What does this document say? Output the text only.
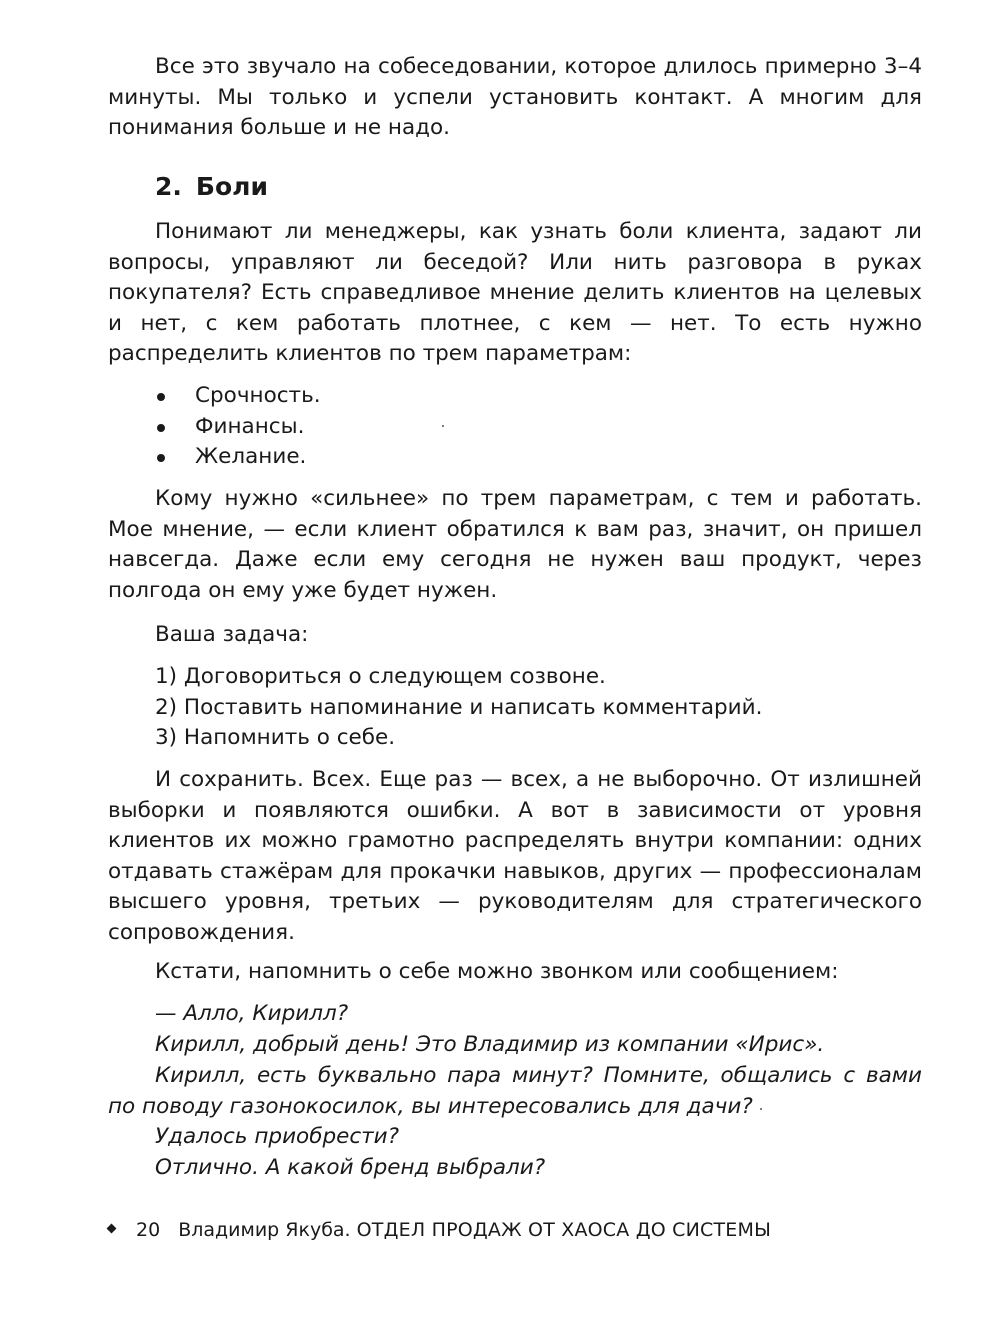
Все это звучало на собеседовании, которое длилось примерно 3–4 минуты. Мы только и успели установить контакт. А многим для понимания больше и не надо.

2. Боли

Понимают ли менеджеры, как узнать боли клиента, задают ли вопросы, управляют ли беседой? Или нить разговора в руках покупателя? Есть справедливое мнение делить клиентов на целевых и нет, с кем работать плотнее, с кем — нет. То есть нужно распределить клиентов по трем параметрам:

Срочность.
Финансы.
Желание.

Кому нужно «сильнее» по трем параметрам, с тем и работать. Мое мнение, — если клиент обратился к вам раз, значит, он пришел навсегда. Даже если ему сегодня не нужен ваш продукт, через полгода он ему уже будет нужен.

Ваша задача:

1) Договориться о следующем созвоне.
2) Поставить напоминание и написать комментарий.
3) Напомнить о себе.

И сохранить. Всех. Еще раз — всех, а не выборочно. От излишней выборки и появляются ошибки. А вот в зависимости от уровня клиентов их можно грамотно распределять внутри компании: одних отдавать стажёрам для прокачки навыков, других — профессионалам высшего уровня, третьих — руководителям для стратегического сопровождения.

Кстати, напомнить о себе можно звонком или сообщением:

— Алло, Кирилл?

Кирилл, добрый день! Это Владимир из компании «Ирис».

Кирилл, есть буквально пара минут? Помните, общались с вами по поводу газонокосилок, вы интересовались для дачи?

Удалось приобрести?

Отлично. А какой бренд выбрали?

20 Владимир Якуба. ОТДЕЛ ПРОДАЖ ОТ ХАОСА ДО СИСТЕМЫ
